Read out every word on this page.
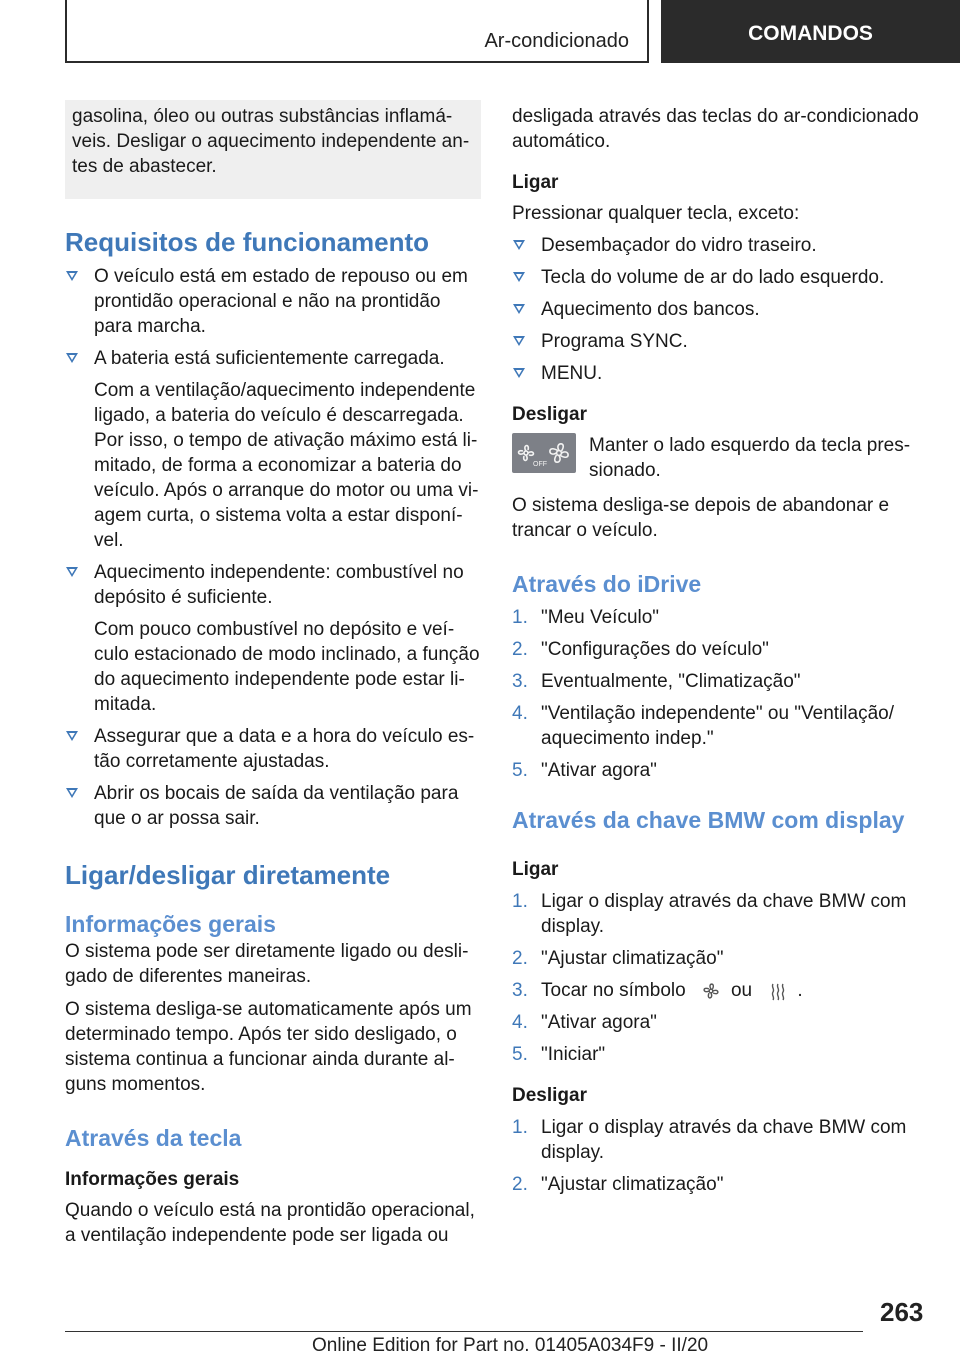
Ar-condicionado	COMANDOS

gasolina, óleo ou outras substâncias inflamáveis. Desligar o aquecimento independente antes de abastecer.

Requisitos de funcionamento
O veículo está em estado de repouso ou em prontidão operacional e não na prontidão para marcha.
A bateria está suficientemente carregada.
Com a ventilação/aquecimento independente ligado, a bateria do veículo é descarregada. Por isso, o tempo de ativação máximo está limitado, de forma a economizar a bateria do veículo. Após o arranque do motor ou uma viagem curta, o sistema volta a estar disponível.
Aquecimento independente: combustível no depósito é suficiente.
Com pouco combustível no depósito e veículo estacionado de modo inclinado, a função do aquecimento independente pode estar limitada.
Assegurar que a data e a hora do veículo estão corretamente ajustadas.
Abrir os bocais de saída da ventilação para que o ar possa sair.
Ligar/desligar diretamente
Informações gerais

O sistema pode ser diretamente ligado ou desligado de diferentes maneiras.

O sistema desliga-se automaticamente após um determinado tempo. Após ter sido desligado, o sistema continua a funcionar ainda durante alguns momentos.

Através da tecla
Informações gerais

Quando o veículo está na prontidão operacional, a ventilação independente pode ser ligada ou

desligada através das teclas do ar-condicionado automático.

Ligar

Pressionar qualquer tecla, exceto:

Desembaçador do vidro traseiro.
Tecla do volume de ar do lado esquerdo.
Aquecimento dos bancos.
Programa SYNC.
MENU.
Desligar
OFF

Manter o lado esquerdo da tecla pressionado.

O sistema desliga-se depois de abandonar e trancar o veículo.

Através do iDrive
1. "Meu Veículo"
2. "Configurações do veículo"
3. Eventualmente, "Climatização"
4. "Ventilação independente" ou "Ventilação/ aquecimento indep."
5. "Ativar agora"
Através da chave BMW com display
Ligar
1. Ligar o display através da chave BMW com display.
2. "Ajustar climatização"
3. Tocar no símbolo ou .
4. "Ativar agora"
5. "Iniciar"
Desligar
1. Ligar o display através da chave BMW com display.
2. "Ajustar climatização"
263
Online Edition for Part no. 01405A034F9 - II/20
